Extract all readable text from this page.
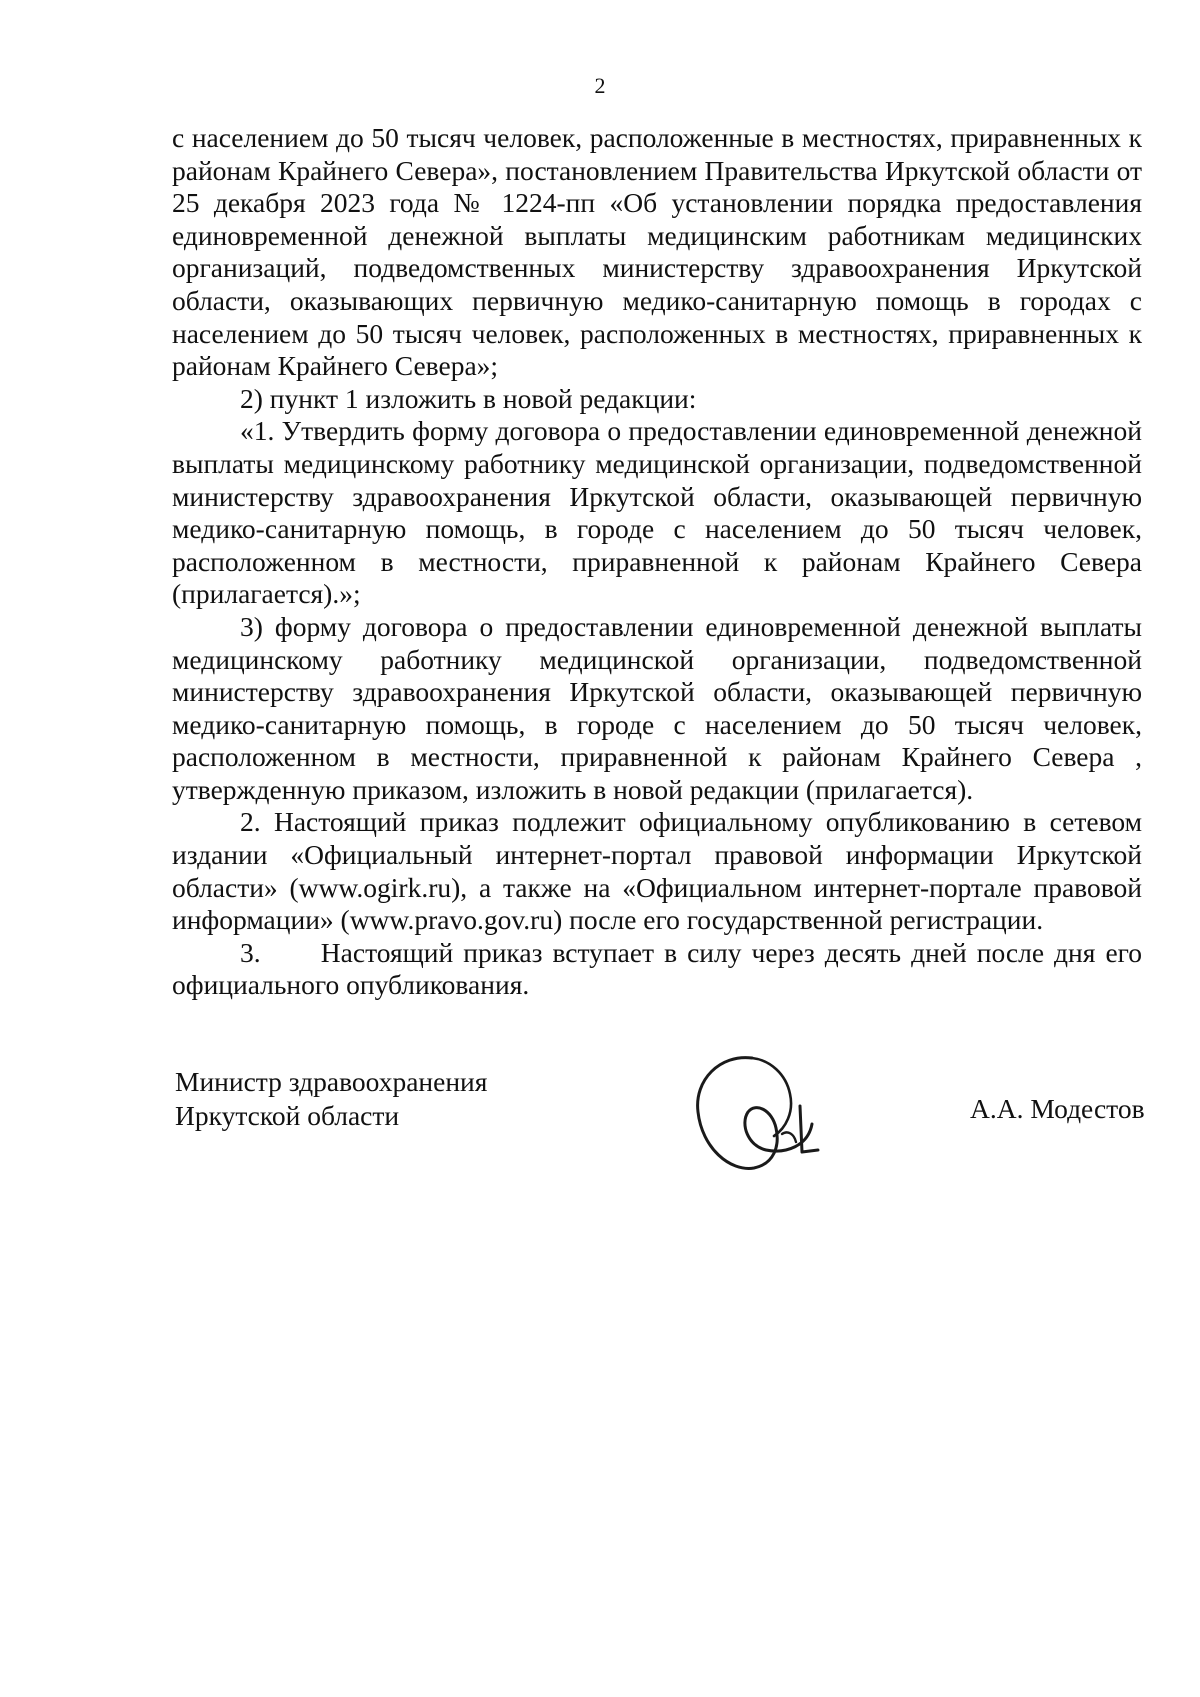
2

с населением до 50 тысяч человек, расположенные в местностях, приравненных к районам Крайнего Севера», постановлением Правительства Иркутской области от 25 декабря 2023 года № 1224-пп «Об установлении порядка предоставления единовременной денежной выплаты медицинским работникам медицинских организаций, подведомственных министерству здравоохранения Иркутской области, оказывающих первичную медико-санитарную помощь в городах с населением до 50 тысяч человек, расположенных в местностях, приравненных к районам Крайнего Севера»;

2) пункт 1 изложить в новой редакции:

«1. Утвердить форму договора о предоставлении единовременной денежной выплаты медицинскому работнику медицинской организации, подведомственной министерству здравоохранения Иркутской области, оказывающей первичную медико-санитарную помощь, в городе с населением до 50 тысяч человек, расположенном в местности, приравненной к районам Крайнего Севера (прилагается).»;

3) форму договора о предоставлении единовременной денежной выплаты медицинскому работнику медицинской организации, подведомственной министерству здравоохранения Иркутской области, оказывающей первичную медико-санитарную помощь, в городе с населением до 50 тысяч человек, расположенном в местности, приравненной к районам Крайнего Севера , утвержденную приказом, изложить в новой редакции (прилагается).

2. Настоящий приказ подлежит официальному опубликованию в сетевом издании «Официальный интернет-портал правовой информации Иркутской области» (www.ogirk.ru), а также на «Официальном интернет-портале правовой информации» (www.pravo.gov.ru) после его государственной регистрации.

3.      Настоящий приказ вступает в силу через десять дней после дня его официального опубликования.

Министр здравоохранения
Иркутской области	А.А. Модестов
